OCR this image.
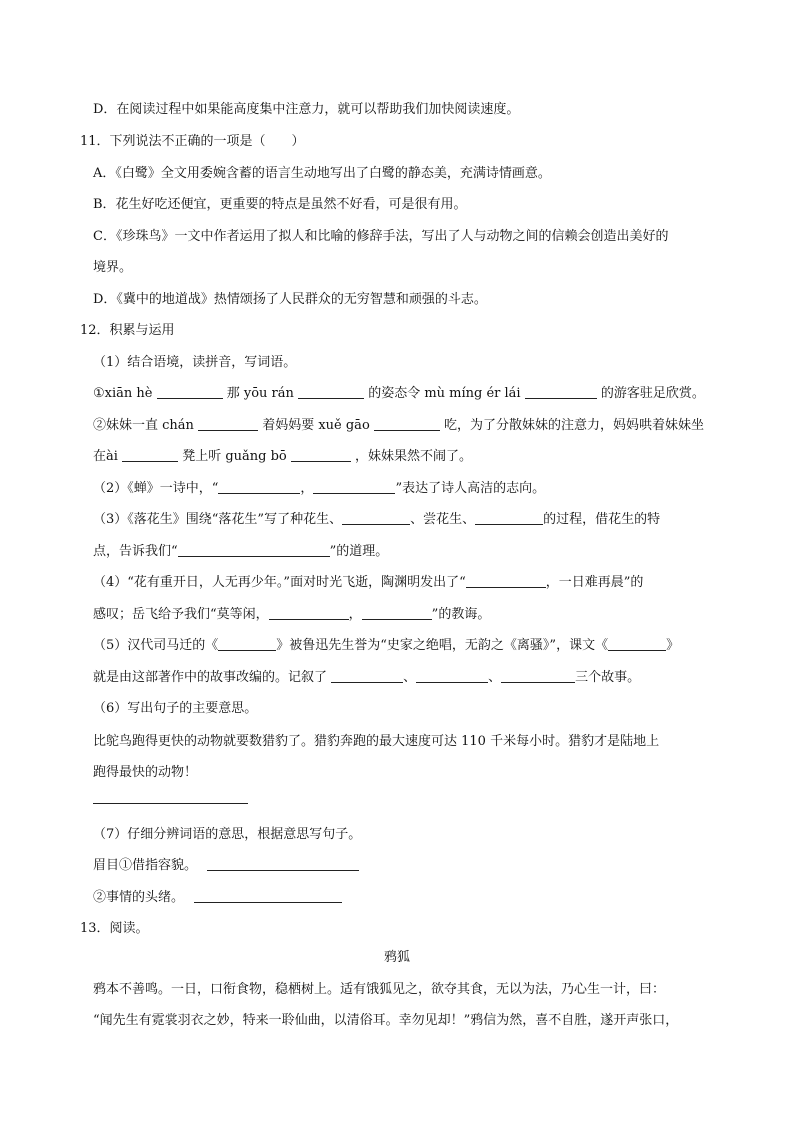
D．在阅读过程中如果能高度集中注意力，就可以帮助我们加快阅读速度。
11．下列说法不正确的一项是（　　）
A．《白鹭》全文用委婉含蓄的语言生动地写出了白鹭的静态美，充满诗情画意。
B．花生好吃还便宜，更重要的特点是虽然不好看，可是很有用。
C．《珍珠鸟》一文中作者运用了拟人和比喻的修辞手法，写出了人与动物之间的信赖会创造出美好的
境界。
D．《冀中的地道战》热情颂扬了人民群众的无穷智慧和顽强的斗志。
12．积累与运用
（1）结合语境，读拼音，写词语。
①xiān hè	那 yōu rán	的姿态令 mù míng ér lái	的游客驻足欣赏。
②妹妹一直 chán	着妈妈要 xuě gāo	吃，为了分散妹妹的注意力，妈妈哄着妹妹坐
在ài	凳上听 guǎng bō	，妹妹果然不闹了。
（2）《蝉》一诗中，“	，	”表达了诗人高洁的志向。
（3）《落花生》围绕“落花生”写了种花生、	、尝花生、	的过程，借花生的特
点，告诉我们“	”的道理。
（4）“花有重开日，人无再少年。”面对时光飞逝，陶渊明发出了“	，一日难再晨”的
感叹；岳飞给予我们“莫等闲，	，	”的教诲。
（5）汉代司马迁的《	》被鲁迅先生誉为“史家之绝唱，无韵之《离骚》”，课文《	》
就是由这部著作中的故事改编的。记叙了	、	、	三个故事。
（6）写出句子的主要意思。
比鸵鸟跑得更快的动物就要数猎豹了。猎豹奔跑的最大速度可达 110 千米每小时。猎豹才是陆地上
跑得最快的动物！
（7）仔细分辨词语的意思，根据意思写句子。
眉目①借指容貌。
②事情的头绪。
13．阅读。
鸦狐
鸦本不善鸣。一日，口衔食物，稳栖树上。适有饿狐见之，欲夺其食，无以为法，乃心生一计，曰：
“闻先生有霓裳羽衣之妙，特来一聆仙曲，以清俗耳。幸勿见却！”鸦信为然，喜不自胜，遂开声张口，
